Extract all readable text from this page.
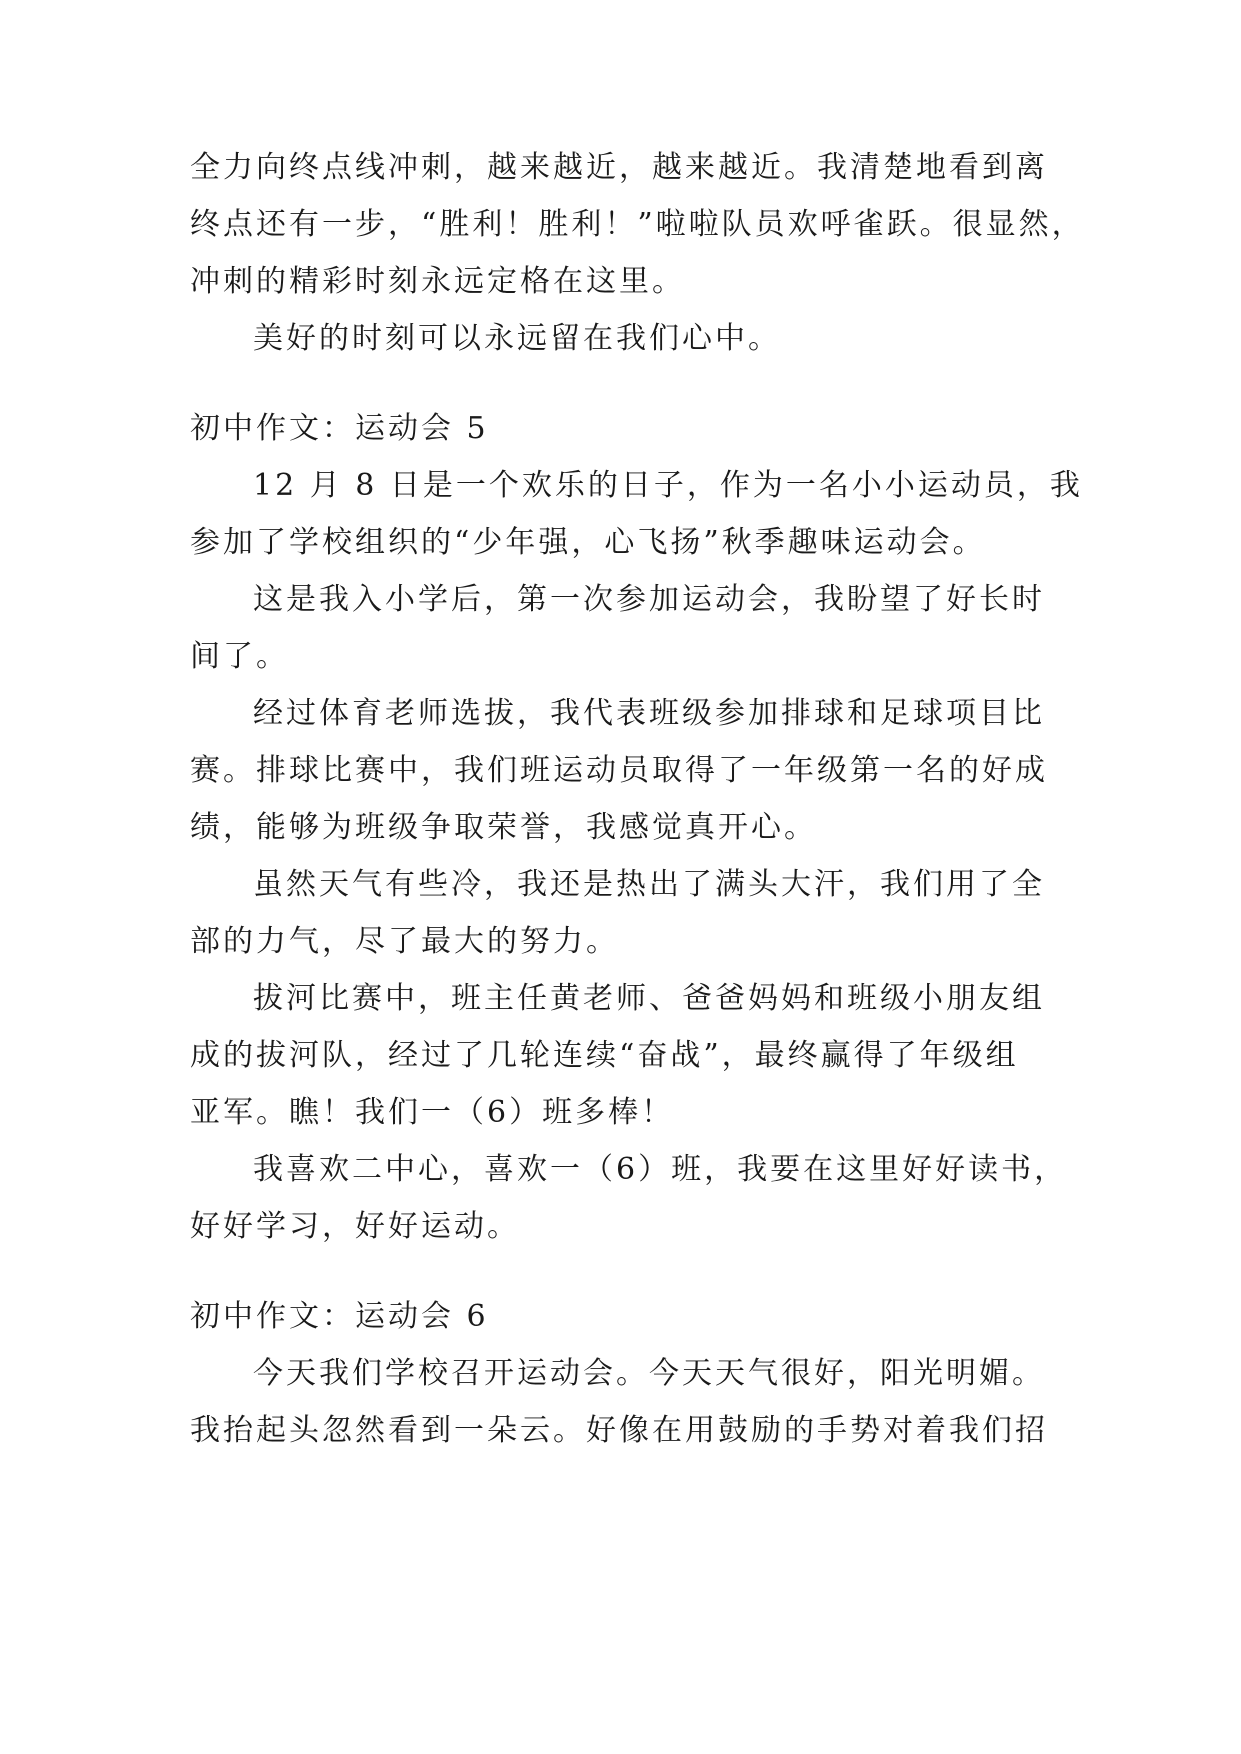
全力向终点线冲刺，越来越近，越来越近。我清楚地看到离
终点还有一步，“胜利！胜利！”啦啦队员欢呼雀跃。很显然，
冲刺的精彩时刻永远定格在这里。
美好的时刻可以永远留在我们心中。
初中作文：运动会 5
12 月 8 日是一个欢乐的日子，作为一名小小运动员，我
参加了学校组织的“少年强，心飞扬”秋季趣味运动会。
这是我入小学后，第一次参加运动会，我盼望了好长时
间了。
经过体育老师选拔，我代表班级参加排球和足球项目比
赛。排球比赛中，我们班运动员取得了一年级第一名的好成
绩，能够为班级争取荣誉，我感觉真开心。
虽然天气有些冷，我还是热出了满头大汗，我们用了全
部的力气，尽了最大的努力。
拔河比赛中，班主任黄老师、爸爸妈妈和班级小朋友组
成的拔河队，经过了几轮连续“奋战”，最终赢得了年级组
亚军。瞧！我们一（6）班多棒！
我喜欢二中心，喜欢一（6）班，我要在这里好好读书，
好好学习，好好运动。
初中作文：运动会 6
今天我们学校召开运动会。今天天气很好，阳光明媚。
我抬起头忽然看到一朵云。好像在用鼓励的手势对着我们招
